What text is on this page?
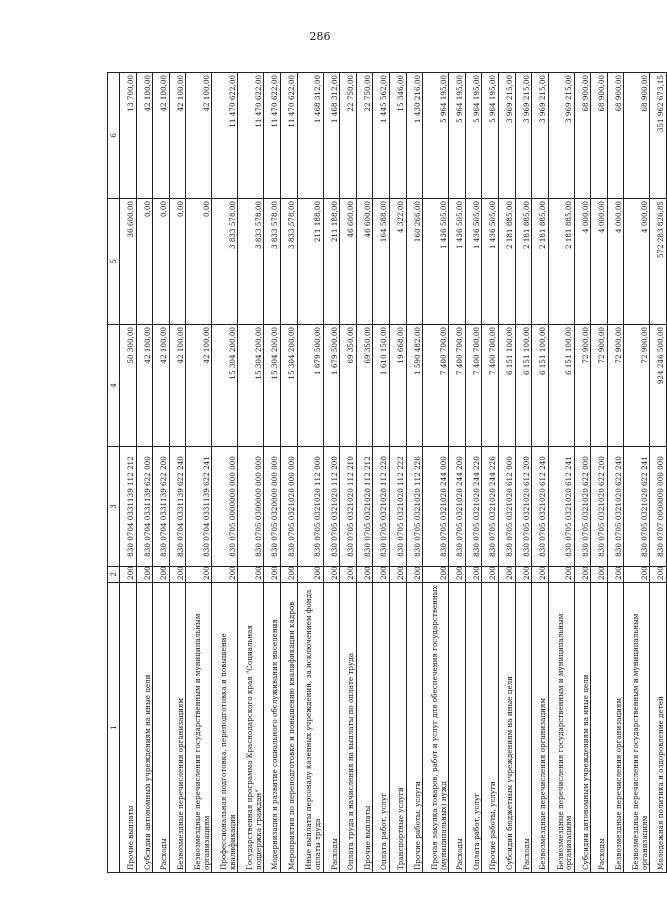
286
1	2	3	4	5	6
Прочие выплаты	200	830 0704 0331139 112 212	50 300,00	36 600,00	13 700,00
Субсидии автономным учреждениям на иные цели	200	830 0704 0331139 622 000	42 100,00	0,00	42 100,00
Расходы	200	830 0704 0331139 622 200	42 100,00	0,00	42 100,00
Безвозмездные перечисления организациям	200	830 0704 0331139 622 240	42 100,00	0,00	42 100,00
Безвозмездные перечисления государственным и муниципальным организациям	200	830 0704 0331139 622 241	42 100,00	0,00	42 100,00
Профессиональная подготовка, переподготовка и повышение квалификации	200	830 0705 0000000 000 000	15 304 200,00	3 833 578,00	11 470 622,00
Государственная программа Краснодарского края "Социальная поддержка граждан"	200	830 0705 0300000 000 000	15 304 200,00	3 833 578,00	11 470 622,00
Модернизация и развитие социального обслуживания населения	200	830 0705 0320000 000 000	15 304 200,00	3 833 578,00	11 470 622,00
Мероприятия по переподготовке и повышению квалификации кадров	200	830 0705 0321020 000 000	15 304 200,00	3 833 578,00	11 470 622,00
Иные выплаты персоналу казенных учреждений, за исключением фонда оплаты труда	200	830 0705 0321020 112 000	1 679 500,00	211 188,00	1 468 312,00
Расходы	200	830 0705 0321020 112 200	1 679 500,00	211 188,00	1 468 312,00
Оплата труда и начисления на выплаты по оплате труда	200	830 0705 0321020 112 210	69 350,00	46 600,00	22 750,00
Прочие выплаты	200	830 0705 0321020 112 212	69 350,00	46 600,00	22 750,00
Оплата работ, услуг	200	830 0705 0321020 112 220	1 610 150,00	164 588,00	1 445 562,00
Транспортные услуги	200	830 0705 0321020 112 222	19 668,00	4 322,00	15 346,00
Прочие работы, услуги	200	830 0705 0321020 112 226	1 590 482,00	160 266,00	1 430 216,00
Прочая закупка товаров, работ и услуг для обеспечения государственных (муниципальных) нужд	200	830 0705 0321020 244 000	7 400 700,00	1 436 505,00	5 964 195,00
Расходы	200	830 0705 0321020 244 200	7 400 700,00	1 436 505,00	5 964 195,00
Оплата работ, услуг	200	830 0705 0321020 244 220	7 400 700,00	1 436 505,00	5 964 195,00
Прочие работы, услуги	200	830 0705 0321020 244 226	7 400 700,00	1 436 505,00	5 964 195,00
Субсидии бюджетным учреждениям на иные цели	200	830 0705 0321020 612 000	6 151 100,00	2 181 885,00	3 969 215,00
Расходы	200	830 0705 0321020 612 200	6 151 100,00	2 181 885,00	3 969 215,00
Безвозмездные перечисления организациям	200	830 0705 0321020 612 240	6 151 100,00	2 181 885,00	3 969 215,00
Безвозмездные перечисления государственным и муниципальным организациям	200	830 0705 0321020 612 241	6 151 100,00	2 181 885,00	3 969 215,00
Субсидии автономным учреждениям на иные цели	200	830 0705 0321020 622 000	72 900,00	4 000,00	68 900,00
Расходы	200	830 0705 0321020 622 200	72 900,00	4 000,00	68 900,00
Безвозмездные перечисления организациям	200	830 0705 0321020 622 240	72 900,00	4 000,00	68 900,00
Безвозмездные перечисления государственным и муниципальным организациям	200	830 0705 0321020 622 241	72 900,00	4 000,00	68 900,00
Молодежная политика и оздоровление детей	200	830 0707 0000000 000 000	924 246 500,00	572 283 826,85	351 962 673,15
